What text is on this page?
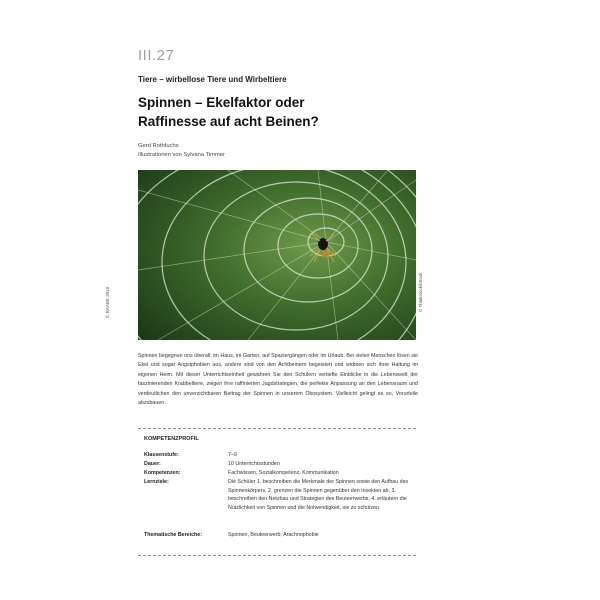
III.27
Tiere – wirbellose Tiere und Wirbeltiere
Spinnen – Ekelfaktor oder
Raffinesse auf acht Beinen?
Gerd Rothfuchs
Illustrationen von Sylvana Timmer
© Thinkstock/iStock
© RAABE 2019
Spinnen begegnen uns überall: im Haus, im Garten, auf Spaziergängen oder im Urlaub. Bei vielen Menschen lösen sie Ekel und sogar Angstphobien aus, andere sind von den Achtbeinern begeistert und widmen sich ihrer Haltung im eigenen Heim. Mit dieser Unterrichtseinheit gewähren Sie den Schülern vertiefte Einblicke in die Lebenswelt der faszinierenden Krabbeltiere, zeigen ihre raffinierten Jagdstrategien, die perfekte Anpassung an den Lebensraum und verdeutlichen den unverzichtbaren Beitrag der Spinnen in unserem Ökosystem. Vielleicht gelingt es so, Vorurteile abzubauen.
KOMPETENZPROFIL
Klassenstufe:	7–9
Dauer:	10 Unterrichtsstunden
Kompetenzen:	Fachwissen, Sozialkompetenz, Kommunikation
Lernziele:	Die Schüler 1. beschreiben die Merkmale der Spinnen sowie den Aufbau des Spinnenkörpers, 2. grenzen die Spinnen gegenüber den Insekten ab, 3. beschreiben den Netzbau und Strategien des Beuteerwerbs, 4. erläutern die Nützlichkeit von Spinnen und die Notwendigkeit, sie zu schützen.
Thematische Bereiche:	Spinnen, Beuteerwerb, Arachnophobie
